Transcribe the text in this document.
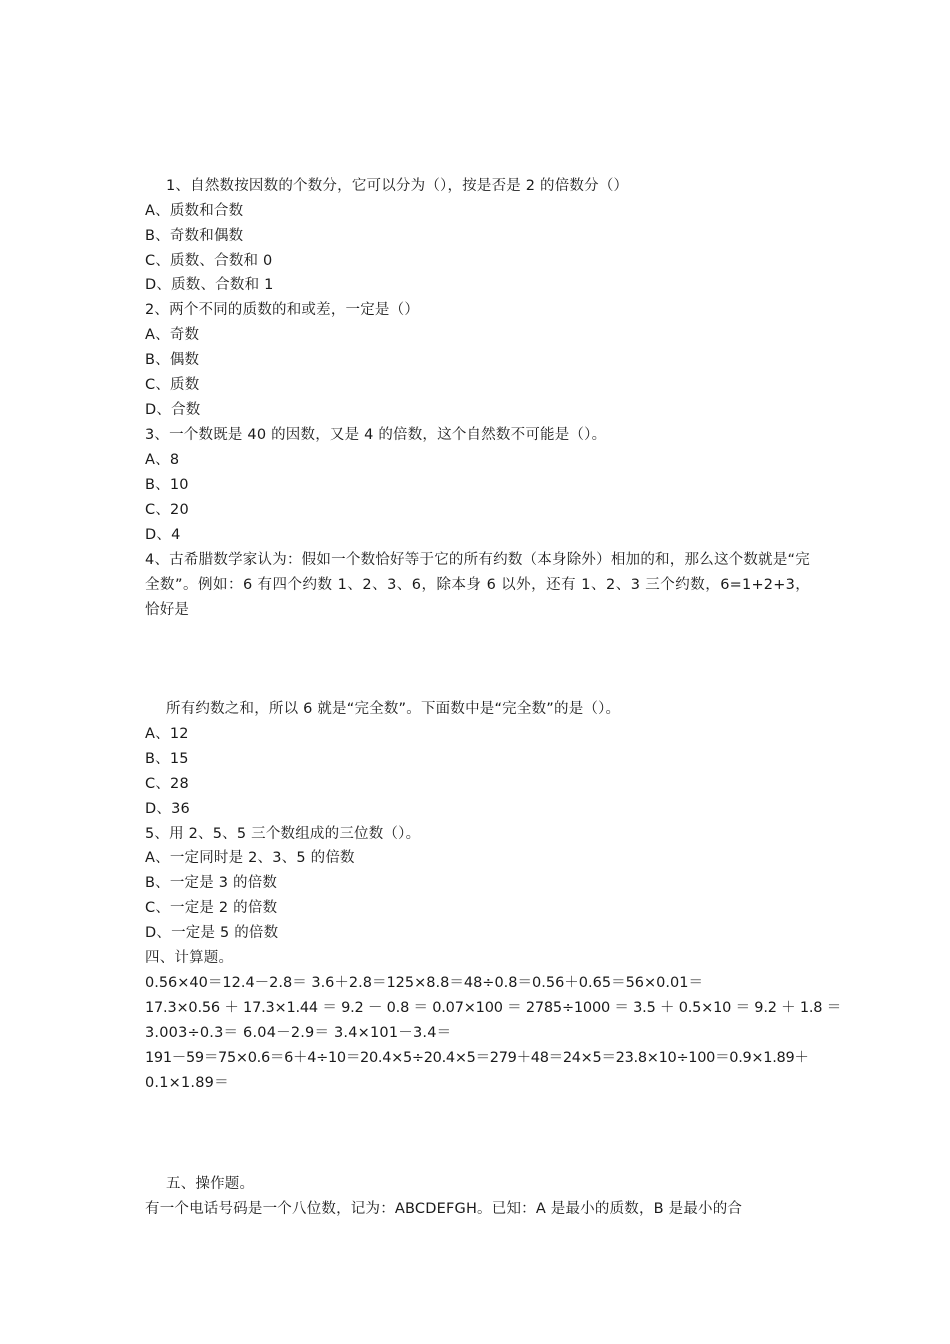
1、自然数按因数的个数分，它可以分为（），按是否是 2 的倍数分（）
A、质数和合数
B、奇数和偶数
C、质数、合数和 0
D、质数、合数和 1
2、两个不同的质数的和或差，一定是（）
A、奇数
B、偶数
C、质数
D、合数
3、一个数既是 40 的因数，又是 4 的倍数，这个自然数不可能是（）。
A、8
B、10
C、20
D、4
4、古希腊数学家认为：假如一个数恰好等于它的所有约数（本身除外）相加的和，那么这个数就是“完全数”。例如：6 有四个约数 1、2、3、6，除本身 6 以外，还有 1、2、3 三个约数，6=1+2+3，恰好是
所有约数之和，所以 6 就是“完全数”。下面数中是“完全数”的是（）。
A、12
B、15
C、28
D、36
5、用 2、5、5 三个数组成的三位数（）。
A、一定同时是 2、3、5 的倍数
B、一定是 3 的倍数
C、一定是 2 的倍数
D、一定是 5 的倍数
四、计算题。
0.56×40＝12.4－2.8＝ 3.6＋2.8＝125×8.8＝48÷0.8＝0.56＋0.65＝56×0.01＝
17.3×0.56 ＋ 17.3×1.44 ＝ 9.2 － 0.8 ＝ 0.07×100 ＝ 2785÷1000 ＝ 3.5 ＋ 0.5×10 ＝ 9.2 ＋ 1.8 ＝
3.003÷0.3＝ 6.04－2.9＝ 3.4×101－3.4＝
191－59＝75×0.6＝6＋4÷10＝20.4×5÷20.4×5＝279＋48＝24×5＝23.8×10÷100＝0.9×1.89＋
0.1×1.89＝
五、操作题。
有一个电话号码是一个八位数，记为：ABCDEFGH。已知：A 是最小的质数，B 是最小的合
